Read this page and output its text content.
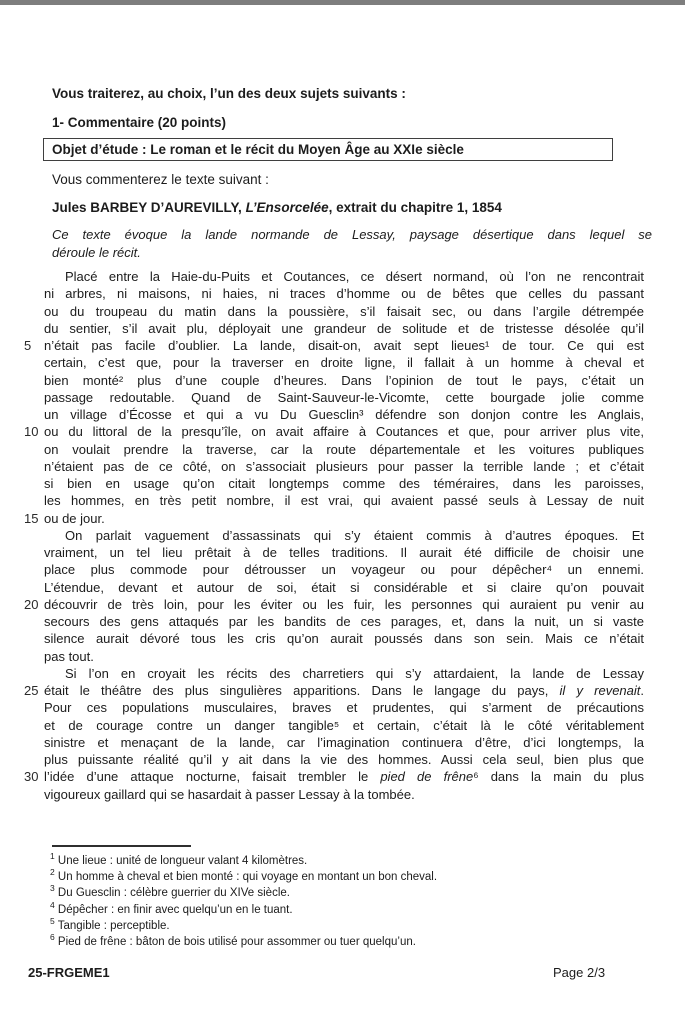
Vous traiterez, au choix, l’un des deux sujets suivants :
1- Commentaire (20 points)
Objet d’étude : Le roman et le récit du Moyen Âge au XXIe siècle
Vous commenterez le texte suivant :
Jules BARBEY D’AUREVILLY, L’Ensorcelée, extrait du chapitre 1, 1854
Ce texte évoque la lande normande de Lessay, paysage désertique dans lequel se
déroule le récit.
Placé entre la Haie-du-Puits et Coutances, ce désert normand, où l’on ne rencontrait
ni arbres, ni maisons, ni haies, ni traces d’homme ou de bêtes que celles du passant
ou du troupeau du matin dans la poussière, s’il faisait sec, ou dans l’argile détrempée
du sentier, s’il avait plu, déployait une grandeur de solitude et de tristesse désolée qu’il
5 n’était pas facile d’oublier. La lande, disait-on, avait sept lieues¹ de tour. Ce qui est
certain, c’est que, pour la traverser en droite ligne, il fallait à un homme à cheval et
bien monté² plus d’une couple d’heures. Dans l’opinion de tout le pays, c’était un
passage redoutable. Quand de Saint-Sauveur-le-Vicomte, cette bourgade jolie comme
un village d’Écosse et qui a vu Du Guesclin³ défendre son donjon contre les Anglais,
10 ou du littoral de la presqu’île, on avait affaire à Coutances et que, pour arriver plus vite,
on voulait prendre la traverse, car la route départementale et les voitures publiques
n’étaient pas de ce côté, on s’associait plusieurs pour passer la terrible lande ; et c’était
si bien en usage qu’on citait longtemps comme des téméraires, dans les paroisses,
les hommes, en très petit nombre, il est vrai, qui avaient passé seuls à Lessay de nuit
15 ou de jour.
On parlait vaguement d’assassinats qui s’y étaient commis à d’autres époques. Et
vraiment, un tel lieu prêtait à de telles traditions. Il aurait été difficile de choisir une
place plus commode pour détrousser un voyageur ou pour dépêcher⁴ un ennemi.
L’étendue, devant et autour de soi, était si considérable et si claire qu’on pouvait
20 découvrir de très loin, pour les éviter ou les fuir, les personnes qui auraient pu venir au
secours des gens attaqués par les bandits de ces parages, et, dans la nuit, un si vaste
silence aurait dévoré tous les cris qu’on aurait poussés dans son sein. Mais ce n’était
pas tout.
Si l’on en croyait les récits des charretiers qui s’y attardaient, la lande de Lessay
25 était le théâtre des plus singulières apparitions. Dans le langage du pays, il y revenait.
Pour ces populations musculaires, braves et prudentes, qui s’arment de précautions
et de courage contre un danger tangible⁵ et certain, c’était là le côté véritablement
sinistre et menaçant de la lande, car l’imagination continuera d’être, d’ici longtemps, la
plus puissante réalité qu’il y ait dans la vie des hommes. Aussi cela seul, bien plus que
30 l’idée d’une attaque nocturne, faisait trembler le pied de frêne⁶ dans la main du plus
vigoureux gaillard qui se hasardait à passer Lessay à la tombée.
$^1$ Une lieue : unité de longueur valant 4 kilomètres.
$^2$ Un homme à cheval et bien monté : qui voyage en montant un bon cheval.
$^3$ Du Guesclin : célèbre guerrier du XIVe siècle.
$^4$ Dépêcher : en finir avec quelqu’un en le tuant.
$^5$ Tangible : perceptible.
$^6$ Pied de frêne : bâton de bois utilisé pour assommer ou tuer quelqu’un.
25-FRGEME1	Page 2/3
